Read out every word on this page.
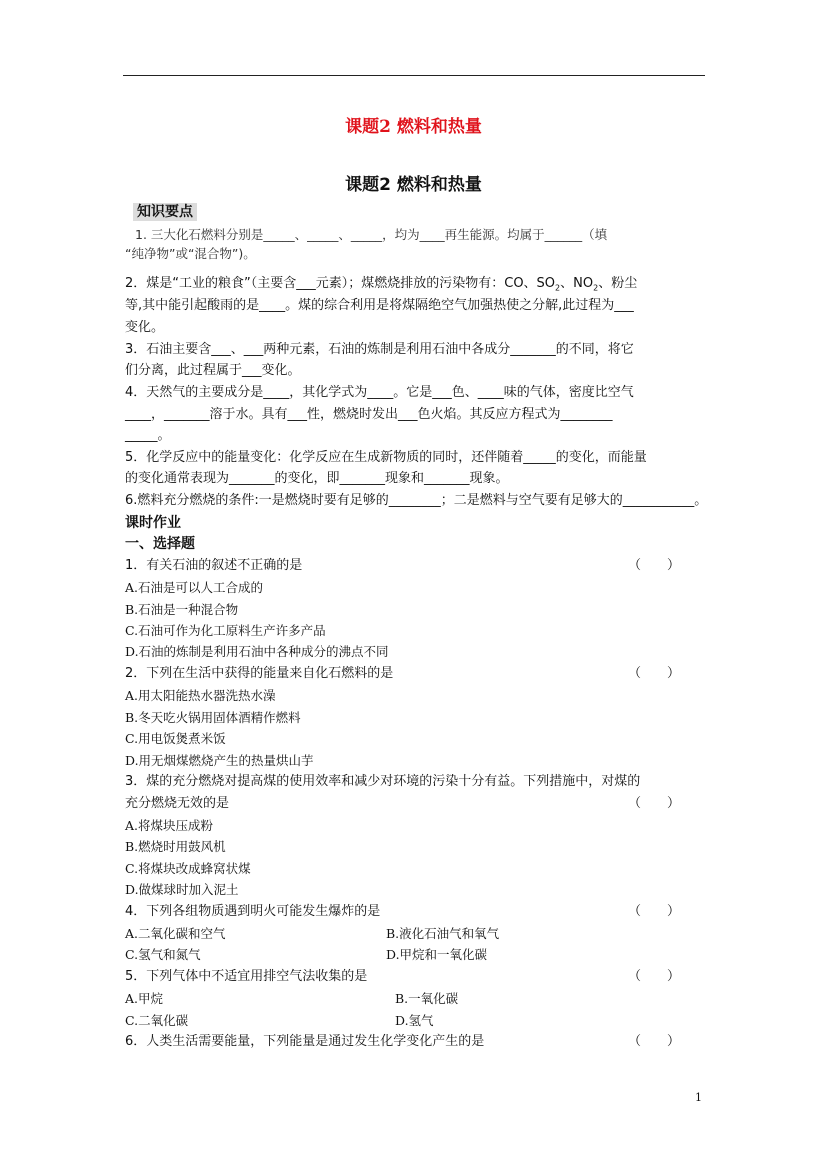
课题2 燃料和热量
课题2 燃料和热量
知识要点
1. 三大化石燃料分别是_____、_____、_____，均为____再生能源。均属于______（填
“纯净物”或“混合物”)。
2．煤是“工业的粮食”（主要含___元素）；煤燃烧排放的污染物有：CO、$SO_2$、$NO_2$、粉尘
等,其中能引起酸雨的是____。煤的综合利用是将煤隔绝空气加强热使之分解,此过程为___
变化。
3．石油主要含___、___两种元素，石油的炼制是利用石油中各成分_______的不同，将它
们分离，此过程属于___变化。
4．天然气的主要成分是____，其化学式为____。它是___色、____味的气体，密度比空气
____，_______溶于水。具有___性，燃烧时发出___色火焰。其反应方程式为________
_____。
5．化学反应中的能量变化：化学反应在生成新物质的同时，还伴随着_____的变化，而能量
的变化通常表现为_______的变化，即_______现象和_______现象。
6.燃料充分燃烧的条件:一是燃烧时要有足够的________；二是燃料与空气要有足够大的___________。
课时作业
一、选择题
1．有关石油的叙述不正确的是	（　　）
A.石油是可以人工合成的
B.石油是一种混合物
C.石油可作为化工原料生产许多产品
D.石油的炼制是利用石油中各种成分的沸点不同
2．下列在生活中获得的能量来自化石燃料的是	（　　）
A.用太阳能热水器洗热水澡
B.冬天吃火锅用固体酒精作燃料
C.用电饭煲煮米饭
D.用无烟煤燃烧产生的热量烘山芋
3．煤的充分燃烧对提高煤的使用效率和减少对环境的污染十分有益。下列措施中，对煤的
充分燃烧无效的是	（　　）
A.将煤块压成粉
B.燃烧时用鼓风机
C.将煤块改成蜂窝状煤
D.做煤球时加入泥土
4．下列各组物质遇到明火可能发生爆炸的是	（　　）
A.二氧化碳和空气	B.液化石油气和氧气
C.氢气和氮气	D.甲烷和一氧化碳
5．下列气体中不适宜用排空气法收集的是	（　　）
A.甲烷	B.一氧化碳
C.二氧化碳	D.氢气
6．人类生活需要能量，下列能量是通过发生化学变化产生的是	（　　）
1
